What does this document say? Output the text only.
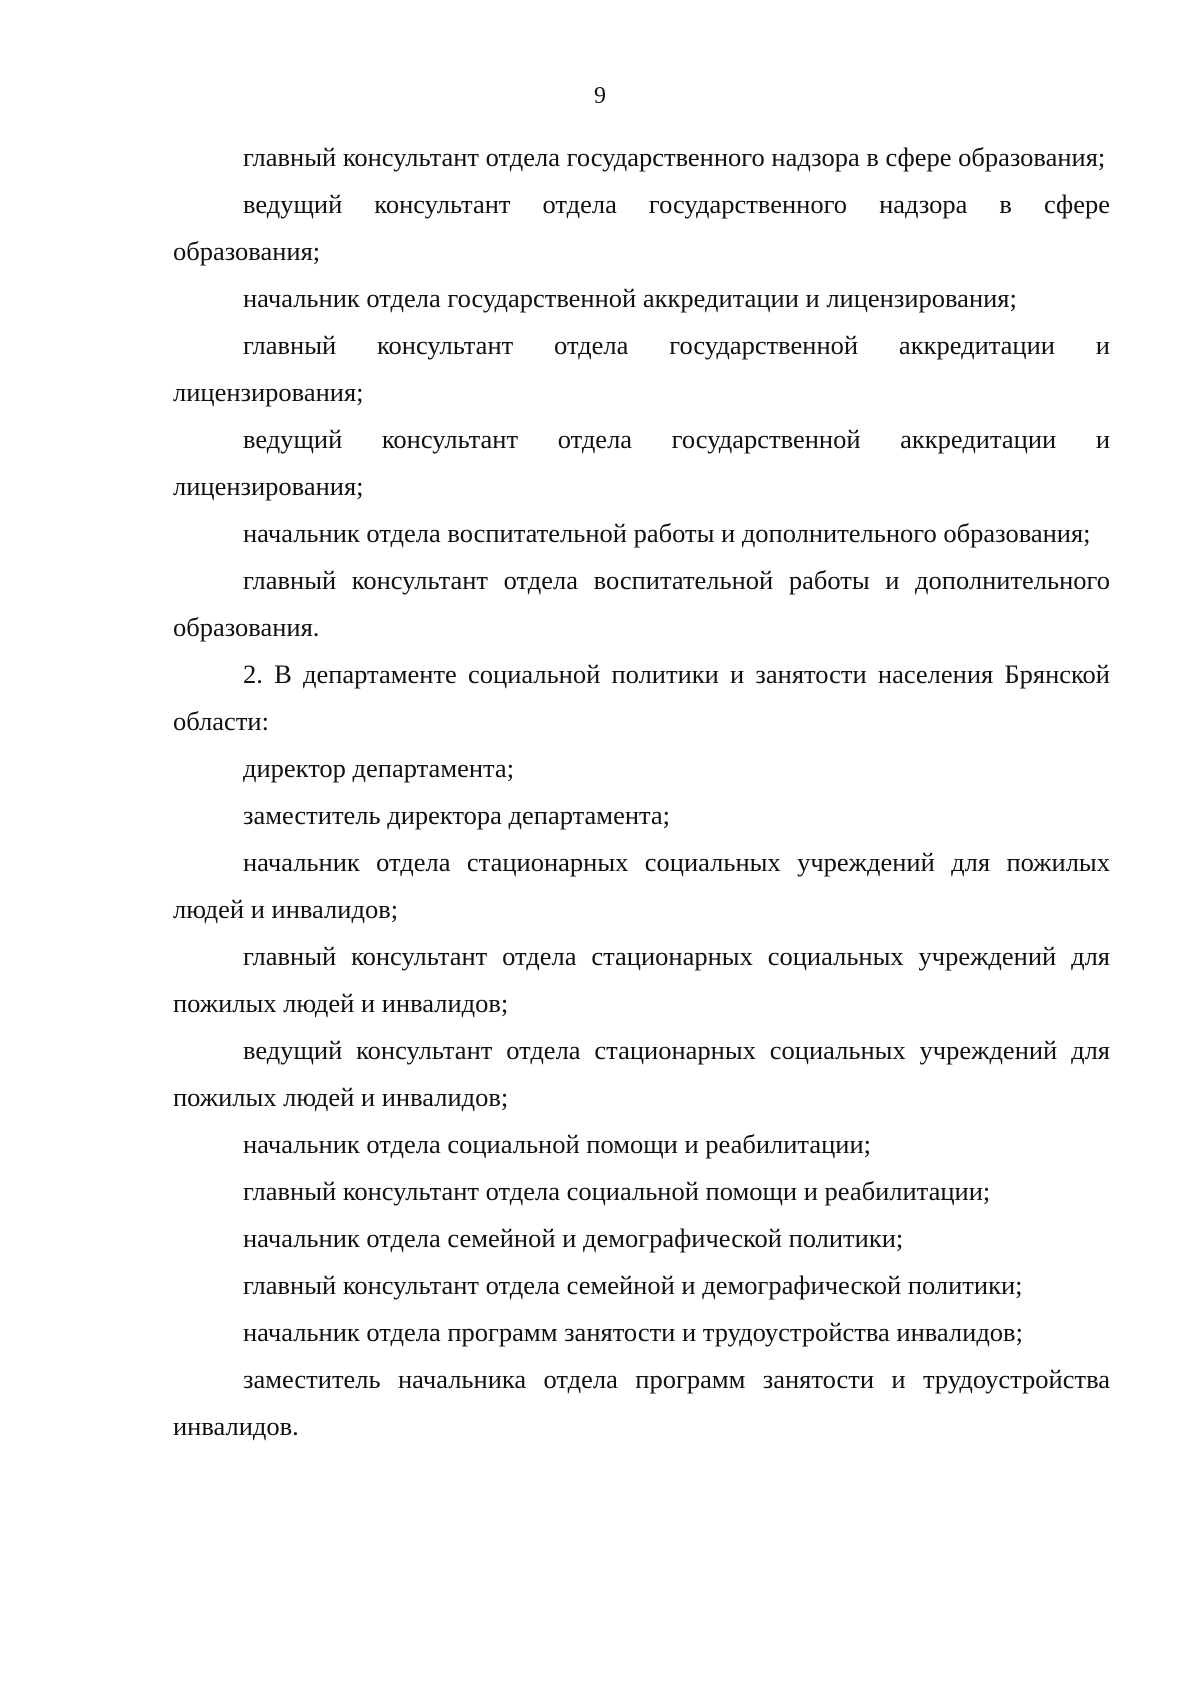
9

главный консультант отдела государственного надзора в сфере образования;

ведущий консультант отдела государственного надзора в сфере образования;

начальник отдела государственной аккредитации и лицензирования;

главный консультант отдела государственной аккредитации и лицензирования;

ведущий консультант отдела государственной аккредитации и лицензирования;

начальник отдела воспитательной работы и дополнительного образования;

главный консультант отдела воспитательной работы и дополнительного образования.

2. В департаменте социальной политики и занятости населения Брянской области:

директор департамента;

заместитель директора департамента;

начальник отдела стационарных социальных учреждений для пожилых людей и инвалидов;

главный консультант отдела стационарных социальных учреждений для пожилых людей и инвалидов;

ведущий консультант отдела стационарных социальных учреждений для пожилых людей и инвалидов;

начальник отдела социальной помощи и реабилитации;

главный консультант отдела социальной помощи и реабилитации;

начальник отдела семейной и демографической политики;

главный консультант отдела семейной и демографической политики;

начальник отдела программ занятости и трудоустройства инвалидов;

заместитель начальника отдела программ занятости и трудоустройства инвалидов.
